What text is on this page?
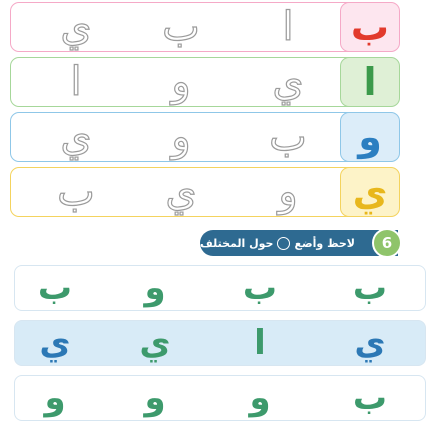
ي	ب	ا	ب
ا	و	ي	ا
ي	و	ب	و
ب	ي	و	ي
لاحظ وأضع
حول المختلف	6
ب	و	ب	ب
ي	ي	ا	ي
و	و	و	ب
